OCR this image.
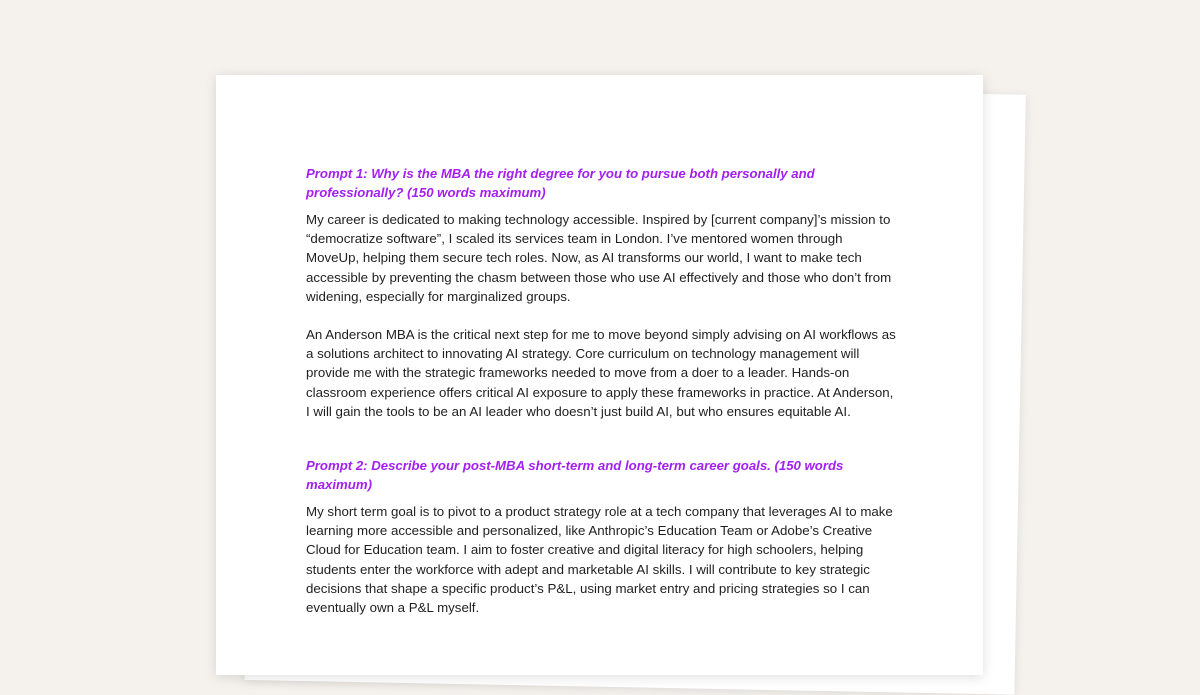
Prompt 1: Why is the MBA the right degree for you to pursue both personally and professionally? (150 words maximum)

My career is dedicated to making technology accessible. Inspired by [current company]’s mission to “democratize software”, I scaled its services team in London. I’ve mentored women through MoveUp, helping them secure tech roles. Now, as AI transforms our world, I want to make tech accessible by preventing the chasm between those who use AI effectively and those who don’t from widening, especially for marginalized groups.

An Anderson MBA is the critical next step for me to move beyond simply advising on AI workflows as a solutions architect to innovating AI strategy. Core curriculum on technology management will provide me with the strategic frameworks needed to move from a doer to a leader. Hands-on classroom experience offers critical AI exposure to apply these frameworks in practice. At Anderson, I will gain the tools to be an AI leader who doesn’t just build AI, but who ensures equitable AI.

Prompt 2: Describe your post-MBA short-term and long-term career goals. (150 words maximum)

My short term goal is to pivot to a product strategy role at a tech company that leverages AI to make learning more accessible and personalized, like Anthropic’s Education Team or Adobe’s Creative Cloud for Education team. I aim to foster creative and digital literacy for high schoolers, helping students enter the workforce with adept and marketable AI skills. I will contribute to key strategic decisions that shape a specific product’s P&L, using market entry and pricing strategies so I can eventually own a P&L myself.
